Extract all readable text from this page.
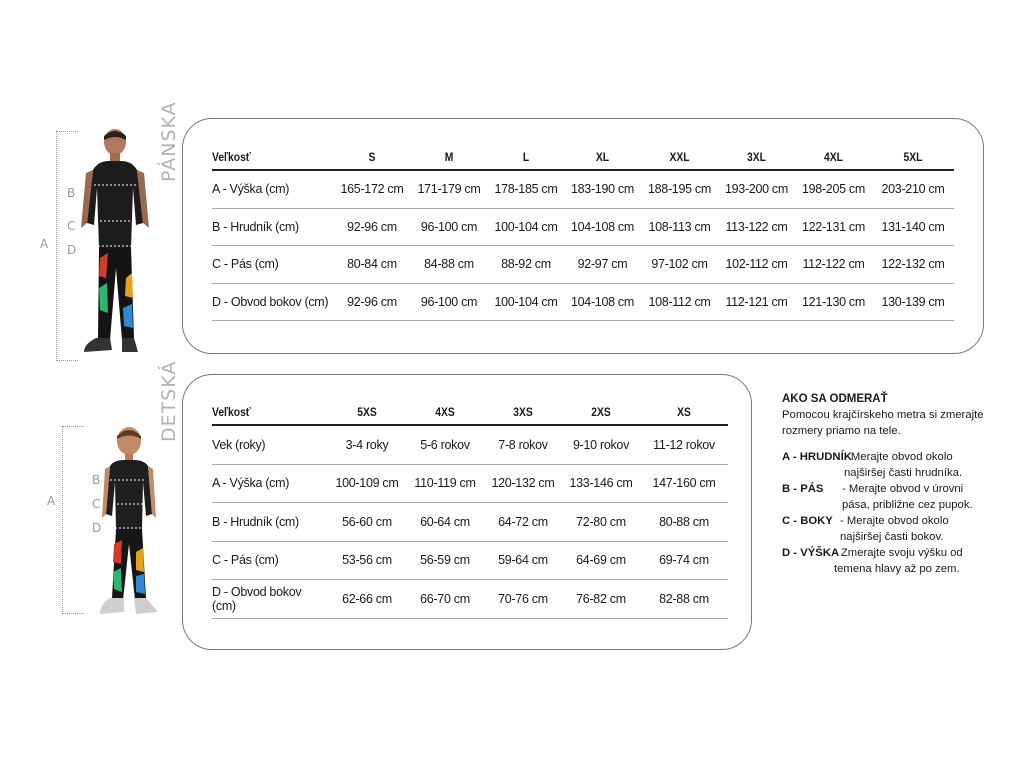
PÁNSKA
DETSKÁ
A
B
C
D
A
B
C
D
Veľkosť	S	M	L	XL	XXL	3XL	4XL	5XL
A - Výška (cm)	165-172 cm	171-179 cm	178-185 cm	183-190 cm	188-195 cm	193-200 cm	198-205 cm	203-210 cm
B - Hrudník (cm)	92-96 cm	96-100 cm	100-104 cm	104-108 cm	108-113 cm	113-122 cm	122-131 cm	131-140 cm
C - Pás (cm)	80-84 cm	84-88 cm	88-92 cm	92-97 cm	97-102 cm	102-112 cm	112-122 cm	122-132 cm
D - Obvod bokov (cm)	92-96 cm	96-100 cm	100-104 cm	104-108 cm	108-112 cm	112-121 cm	121-130 cm	130-139 cm
Veľkosť	5XS	4XS	3XS	2XS	XS
Vek (roky)	3-4 roky	5-6 rokov	7-8 rokov	9-10 rokov	11-12 rokov
A - Výška (cm)	100-109 cm	110-119 cm	120-132 cm	133-146 cm	147-160 cm
B - Hrudník (cm)	56-60 cm	60-64 cm	64-72 cm	72-80 cm	80-88 cm
C - Pás (cm)	53-56 cm	56-59 cm	59-64 cm	64-69 cm	69-74 cm
D - Obvod bokov (cm)	62-66 cm	66-70 cm	70-76 cm	76-82 cm	82-88 cm
AKO SA ODMERAŤ
Pomocou krajčírskeho metra si zmerajte rozmery priamo na tele.
A - HRUDNÍK
- Merajte obvod okolo najširšej časti hrudníka.
B - PÁS	- Merajte obvod v úrovni pása, približne cez pupok.
C - BOKY - Merajte obvod okolo najširšej časti bokov.
D - VÝŠKA
- Zmerajte svoju výšku od temena hlavy až po zem.
